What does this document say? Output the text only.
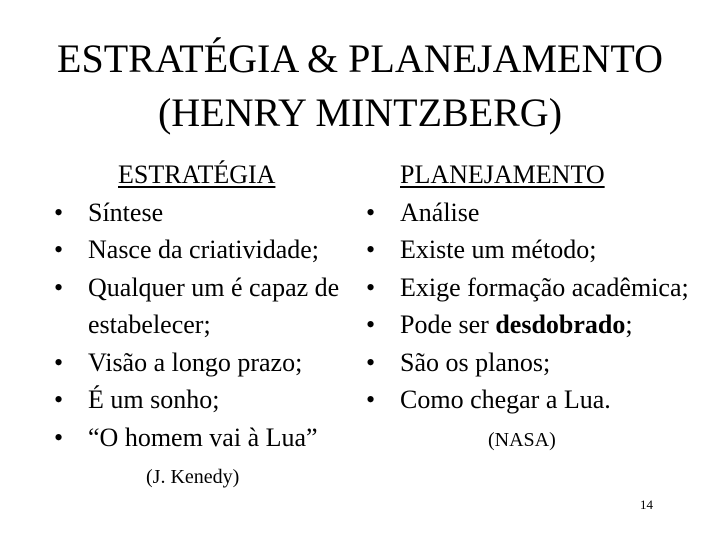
ESTRATÉGIA & PLANEJAMENTO
(HENRY MINTZBERG)
ESTRATÉGIA
• Síntese
• Nasce da criatividade;
• Qualquer um é capaz de estabelecer;
• Visão a longo prazo;
• É um sonho;
• “O homem vai à Lua”
(J. Kenedy)
PLANEJAMENTO
• Análise
• Existe um método;
• Exige formação acadêmica;
• Pode ser desdobrado;
• São os planos;
• Como chegar a Lua.
(NASA)
14
